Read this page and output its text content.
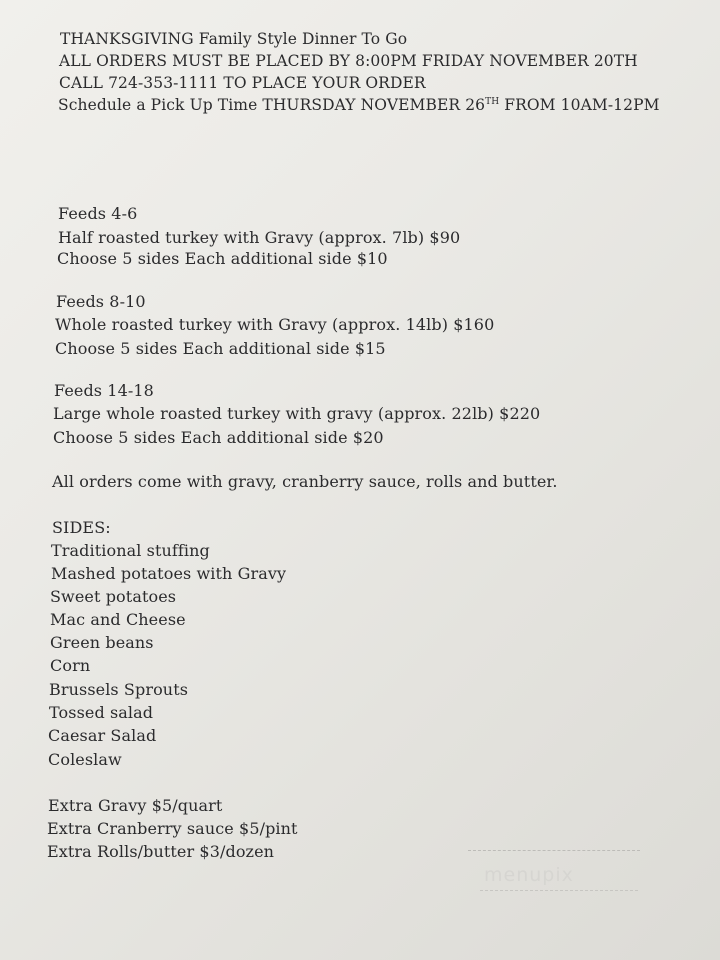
THANKSGIVING Family Style Dinner To Go
ALL ORDERS MUST BE PLACED BY 8:00PM FRIDAY NOVEMBER 20TH
CALL 724-353-1111 TO PLACE YOUR ORDER
Schedule a Pick Up Time THURSDAY NOVEMBER 26TH FROM 10AM-12PM
Feeds 4-6
Half roasted turkey with Gravy (approx. 7lb) $90
Choose 5 sides Each additional side $10
Feeds 8-10
Whole roasted turkey with Gravy (approx. 14lb) $160
Choose 5 sides Each additional side $15
Feeds 14-18
Large whole roasted turkey with gravy (approx. 22lb) $220
Choose 5 sides Each additional side $20
All orders come with gravy, cranberry sauce, rolls and butter.
SIDES:
Traditional stuffing
Mashed potatoes with Gravy
Sweet potatoes
Mac and Cheese
Green beans
Corn
Brussels Sprouts
Tossed salad
Caesar Salad
Coleslaw
Extra Gravy $5/quart
Extra Cranberry sauce $5/pint
Extra Rolls/butter $3/dozen
menupix
